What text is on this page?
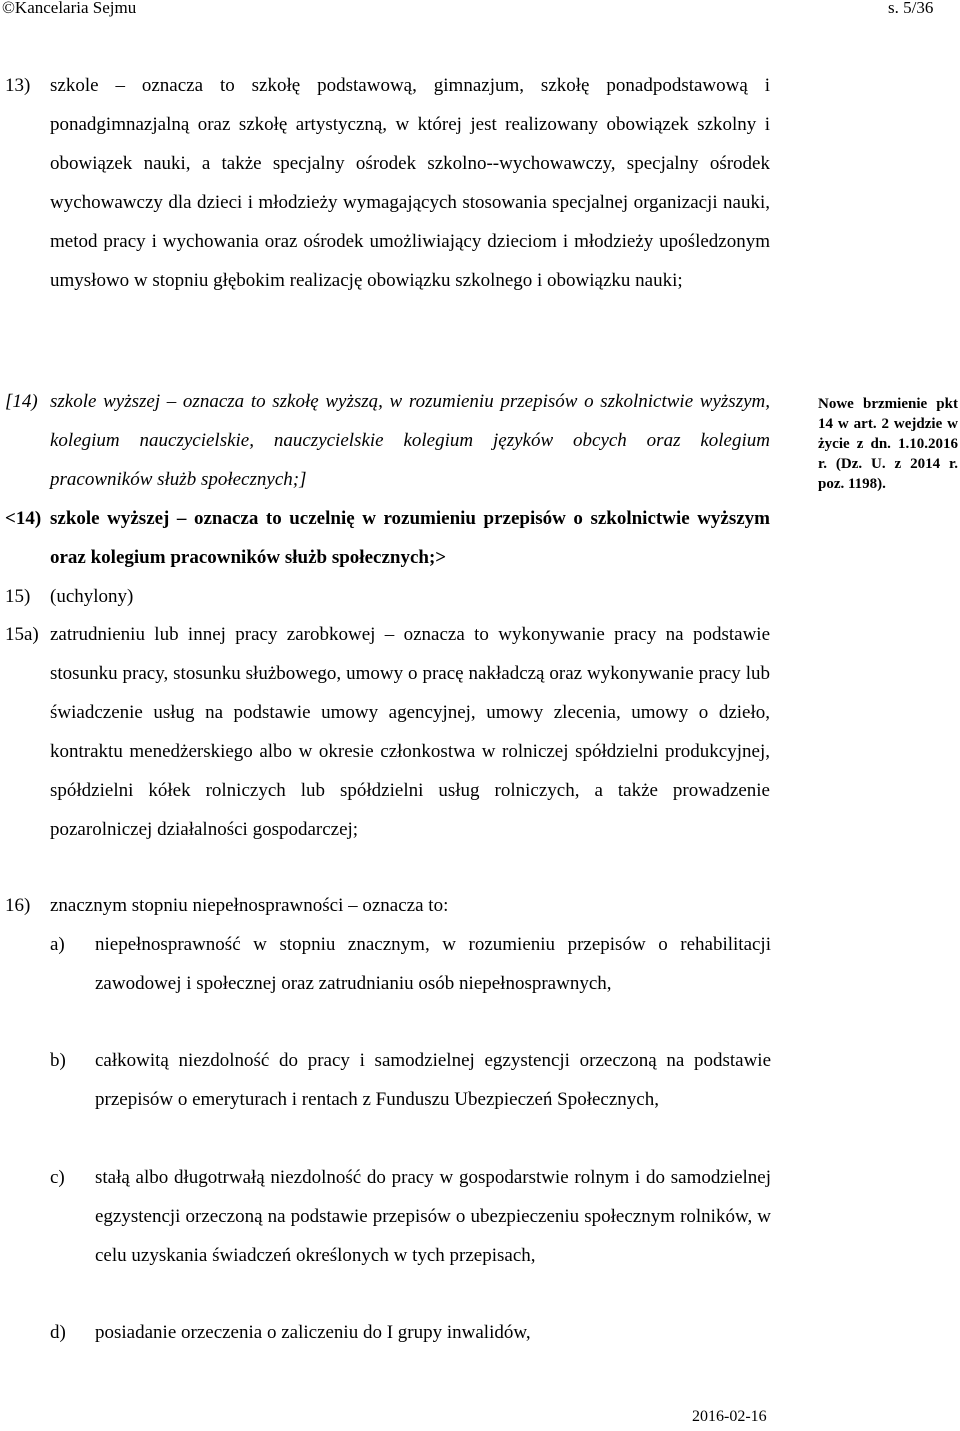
©Kancelaria Sejmu	s. 5/36
13) szkole – oznacza to szkołę podstawową, gimnazjum, szkołę ponadpodstawową i ponadgimnazjalną oraz szkołę artystyczną, w której jest realizowany obowiązek szkolny i obowiązek nauki, a także specjalny ośrodek szkolno--wychowawczy, specjalny ośrodek wychowawczy dla dzieci i młodzieży wymagających stosowania specjalnej organizacji nauki, metod pracy i wychowania oraz ośrodek umożliwiający dzieciom i młodzieży upośledzonym umysłowo w stopniu głębokim realizację obowiązku szkolnego i obowiązku nauki;
[14) szkole wyższej – oznacza to szkołę wyższą, w rozumieniu przepisów o szkolnictwie wyższym, kolegium nauczycielskie, nauczycielskie kolegium języków obcych oraz kolegium pracowników służb społecznych;]
<14) szkole wyższej – oznacza to uczelnię w rozumieniu przepisów o szkolnictwie wyższym oraz kolegium pracowników służb społecznych;>
15) (uchylony)
15a) zatrudnieniu lub innej pracy zarobkowej – oznacza to wykonywanie pracy na podstawie stosunku pracy, stosunku służbowego, umowy o pracę nakładczą oraz wykonywanie pracy lub świadczenie usług na podstawie umowy agencyjnej, umowy zlecenia, umowy o dzieło, kontraktu menedżerskiego albo w okresie członkostwa w rolniczej spółdzielni produkcyjnej, spółdzielni kółek rolniczych lub spółdzielni usług rolniczych, a także prowadzenie pozarolniczej działalności gospodarczej;
16) znacznym stopniu niepełnosprawności – oznacza to:
a) niepełnosprawność w stopniu znacznym, w rozumieniu przepisów o rehabilitacji zawodowej i społecznej oraz zatrudnianiu osób niepełnosprawnych,
b) całkowitą niezdolność do pracy i samodzielnej egzystencji orzeczoną na podstawie przepisów o emeryturach i rentach z Funduszu Ubezpieczeń Społecznych,
c) stałą albo długotrwałą niezdolność do pracy w gospodarstwie rolnym i do samodzielnej egzystencji orzeczoną na podstawie przepisów o ubezpieczeniu społecznym rolników, w celu uzyskania świadczeń określonych w tych przepisach,
d) posiadanie orzeczenia o zaliczeniu do I grupy inwalidów,
Nowe brzmienie pkt 14 w art. 2 wejdzie w życie z dn. 1.10.2016 r. (Dz. U. z 2014 r. poz. 1198).
2016-02-16
